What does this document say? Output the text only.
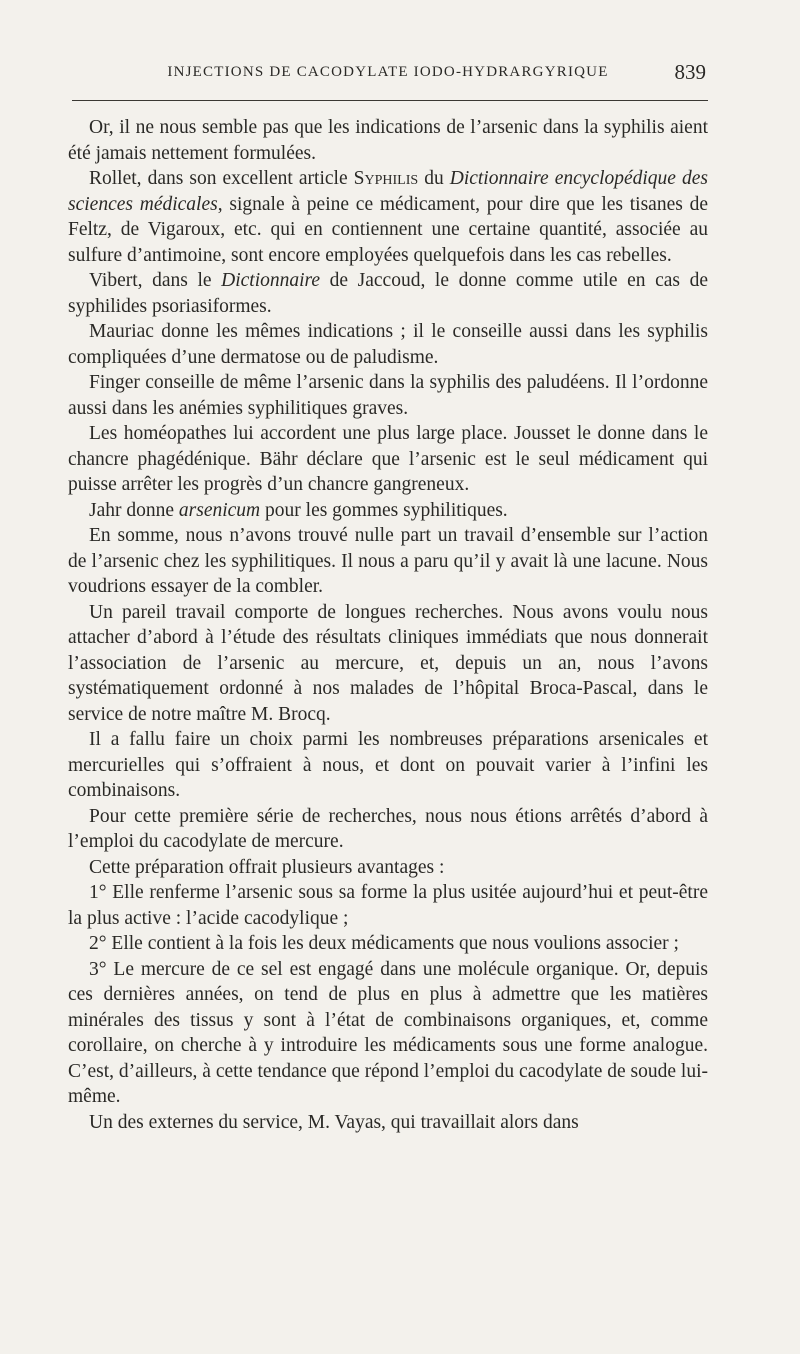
INJECTIONS DE CACODYLATE IODO-HYDRARGYRIQUE	839

Or, il ne nous semble pas que les indications de l’arsenic dans la syphilis aient été jamais nettement formulées.

Rollet, dans son excellent article Syphilis du Dictionnaire encyclopédique des sciences médicales, signale à peine ce médicament, pour dire que les tisanes de Feltz, de Vigaroux, etc. qui en contiennent une certaine quantité, associée au sulfure d’antimoine, sont encore employées quelquefois dans les cas rebelles.

Vibert, dans le Dictionnaire de Jaccoud, le donne comme utile en cas de syphilides psoriasiformes.

Mauriac donne les mêmes indications ; il le conseille aussi dans les syphilis compliquées d’une dermatose ou de paludisme.

Finger conseille de même l’arsenic dans la syphilis des paludéens. Il l’ordonne aussi dans les anémies syphilitiques graves.

Les homéopathes lui accordent une plus large place. Jousset le donne dans le chancre phagédénique. Bähr déclare que l’arsenic est le seul médicament qui puisse arrêter les progrès d’un chancre gangreneux.

Jahr donne arsenicum pour les gommes syphilitiques.

En somme, nous n’avons trouvé nulle part un travail d’ensemble sur l’action de l’arsenic chez les syphilitiques. Il nous a paru qu’il y avait là une lacune. Nous voudrions essayer de la combler.

Un pareil travail comporte de longues recherches. Nous avons voulu nous attacher d’abord à l’étude des résultats cliniques immédiats que nous donnerait l’association de l’arsenic au mercure, et, depuis un an, nous l’avons systématiquement ordonné à nos malades de l’hôpital Broca-Pascal, dans le service de notre maître M. Brocq.

Il a fallu faire un choix parmi les nombreuses préparations arsenicales et mercurielles qui s’offraient à nous, et dont on pouvait varier à l’infini les combinaisons.

Pour cette première série de recherches, nous nous étions arrêtés d’abord à l’emploi du cacodylate de mercure.

Cette préparation offrait plusieurs avantages :

1° Elle renferme l’arsenic sous sa forme la plus usitée aujourd’hui et peut-être la plus active : l’acide cacodylique ;

2° Elle contient à la fois les deux médicaments que nous voulions associer ;

3° Le mercure de ce sel est engagé dans une molécule organique. Or, depuis ces dernières années, on tend de plus en plus à admettre que les matières minérales des tissus y sont à l’état de combinaisons organiques, et, comme corollaire, on cherche à y introduire les médicaments sous une forme analogue. C’est, d’ailleurs, à cette tendance que répond l’emploi du cacodylate de soude lui-même.

Un des externes du service, M. Vayas, qui travaillait alors dans
